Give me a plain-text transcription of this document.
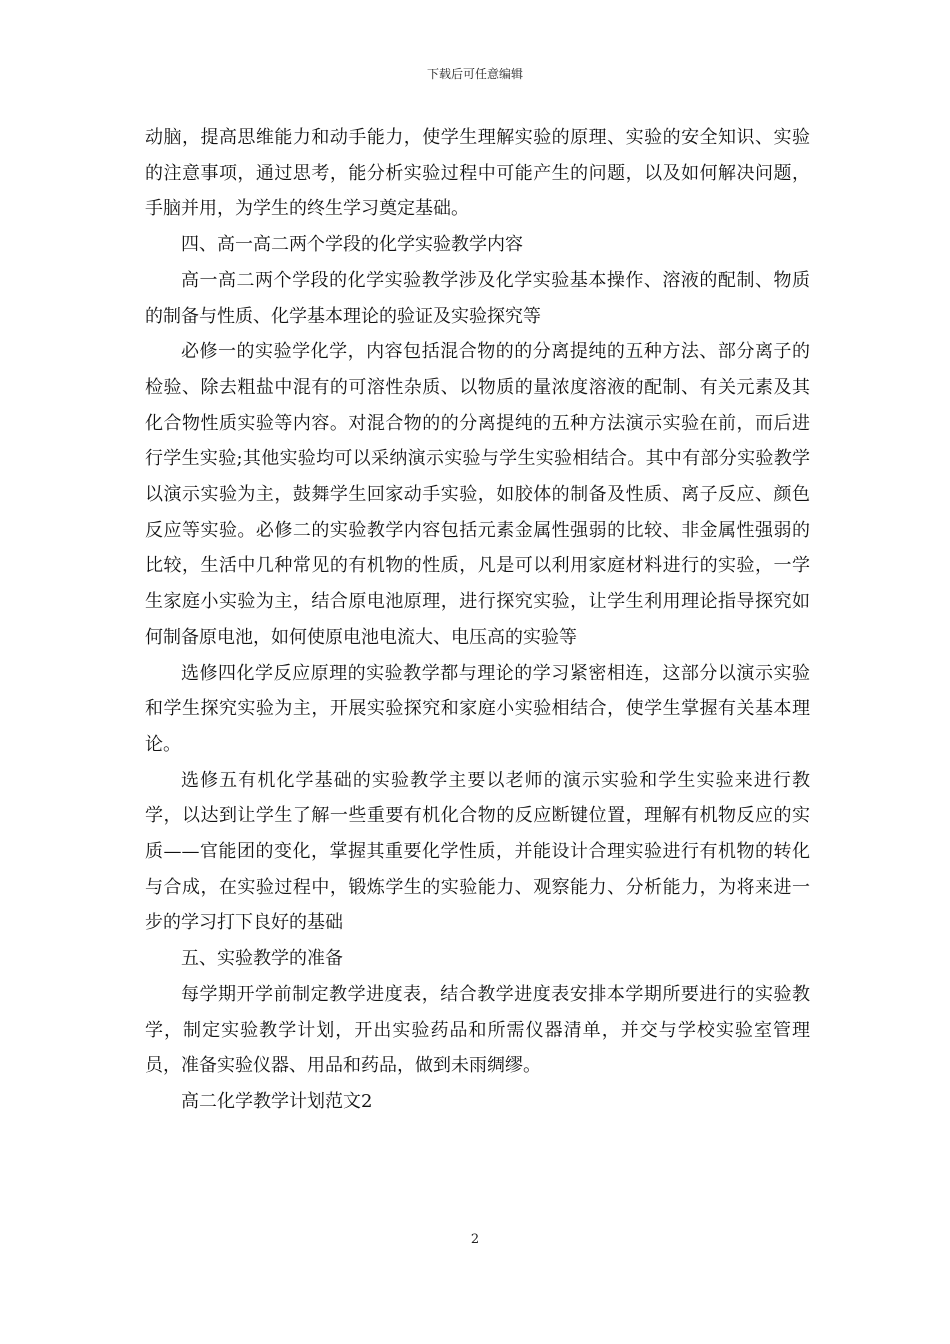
下载后可任意编辑

动脑，提高思维能力和动手能力，使学生理解实验的原理、实验的安全知识、实验的注意事项，通过思考，能分析实验过程中可能产生的问题，以及如何解决问题，手脑并用，为学生的终生学习奠定基础。

四、高一高二两个学段的化学实验教学内容

高一高二两个学段的化学实验教学涉及化学实验基本操作、溶液的配制、物质的制备与性质、化学基本理论的验证及实验探究等

必修一的实验学化学，内容包括混合物的的分离提纯的五种方法、部分离子的检验、除去粗盐中混有的可溶性杂质、以物质的量浓度溶液的配制、有关元素及其化合物性质实验等内容。对混合物的的分离提纯的五种方法演示实验在前，而后进行学生实验;其他实验均可以采纳演示实验与学生实验相结合。其中有部分实验教学以演示实验为主，鼓舞学生回家动手实验，如胶体的制备及性质、离子反应、颜色反应等实验。必修二的实验教学内容包括元素金属性强弱的比较、非金属性强弱的比较，生活中几种常见的有机物的性质，凡是可以利用家庭材料进行的实验，一学生家庭小实验为主，结合原电池原理，进行探究实验，让学生利用理论指导探究如何制备原电池，如何使原电池电流大、电压高的实验等

选修四化学反应原理的实验教学都与理论的学习紧密相连，这部分以演示实验和学生探究实验为主，开展实验探究和家庭小实验相结合，使学生掌握有关基本理论。

选修五有机化学基础的实验教学主要以老师的演示实验和学生实验来进行教学，以达到让学生了解一些重要有机化合物的反应断键位置，理解有机物反应的实质——官能团的变化，掌握其重要化学性质，并能设计合理实验进行有机物的转化与合成，在实验过程中，锻炼学生的实验能力、观察能力、分析能力，为将来进一步的学习打下良好的基础

五、实验教学的准备

每学期开学前制定教学进度表，结合教学进度表安排本学期所要进行的实验教学，制定实验教学计划，开出实验药品和所需仪器清单，并交与学校实验室管理员，准备实验仪器、用品和药品，做到未雨绸缪。

高二化学教学计划范文2

2
